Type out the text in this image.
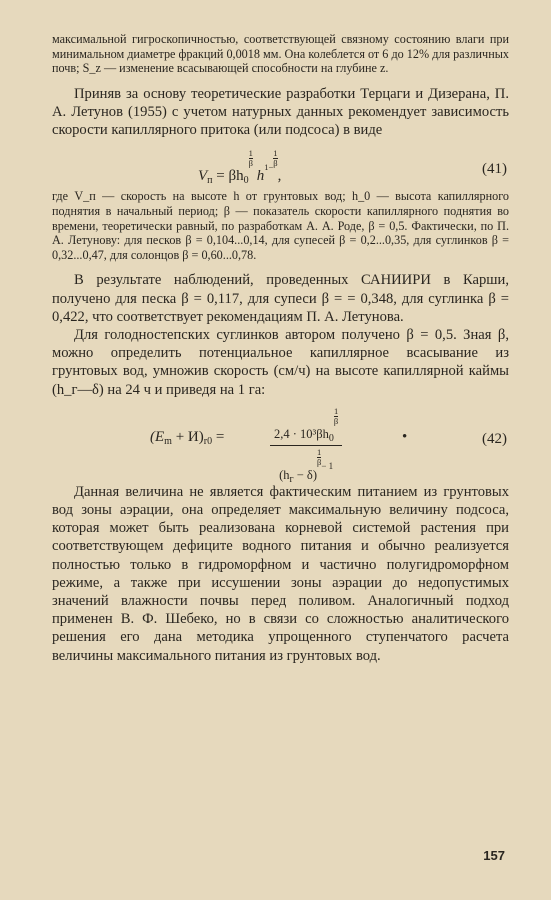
максимальной гигроскопичностью, соответствующей связному состоянию влаги при минимальном диаметре фракций 0,0018 мм. Она колеблется от 6 до 12% для различных почв; S_z — изменение всасывающей способности на глубине z.

Приняв за основу теоретические разработки Терцаги и Дизерана, П. А. Летунов (1955) с учетом натурных данных рекомендует зависимость скорости капиллярного притока (или подсоса) в виде

$V_п = \beta h_0$
$\frac{1}{\beta}$
$h1- \frac{1}{\beta}$
,	(41)

где V_п — скорость на высоте h от грунтовых вод; h_0 — высота капиллярного поднятия в начальный период; β — показатель скорости капиллярного поднятия во времени, теоретически равный, по разработкам А. А. Роде, β = 0,5. Фактически, по П. А. Летунову: для песков β = 0,104...0,14, для супесей β = 0,2...0,35, для суглинков β = 0,32...0,47, для солонцов β = 0,60...0,78.

В результате наблюдений, проведенных САНИИРИ в Карши, получено для песка β = 0,117, для супеси β = = 0,348, для суглинка β = 0,422, что соответствует рекомендациям П. А. Летунова.

Для голодностепских суглинков автором получено β = 0,5. Зная β, можно определить потенциальное капиллярное всасывание из грунтовых вод, умножив скорость (см/ч) на высоте капиллярной каймы (h_г—δ) на 24 ч и приведя на 1 га:

$(E_m + И)_{r0}$ =	$2,4 \cdot 10^3\beta h_0$
$\frac{1}{\beta}$
$(h_г - \delta)$
$\frac{1}{\beta} ^{- 1}$
•	(42)

Данная величина не является фактическим питанием из грунтовых вод зоны аэрации, она определяет максимальную величину подсоса, которая может быть реализована корневой системой растения при соответствующем дефиците водного питания и обычно реализуется полностью только в гидроморфном и частично полугидроморфном режиме, а также при иссушении зоны аэрации до недопустимых значений влажности почвы перед поливом. Аналогичный подход применен В. Ф. Шебеко, но в связи со сложностью аналитического решения его дана методика упрощенного ступенчатого расчета величины максимального питания из грунтовых вод.

157
